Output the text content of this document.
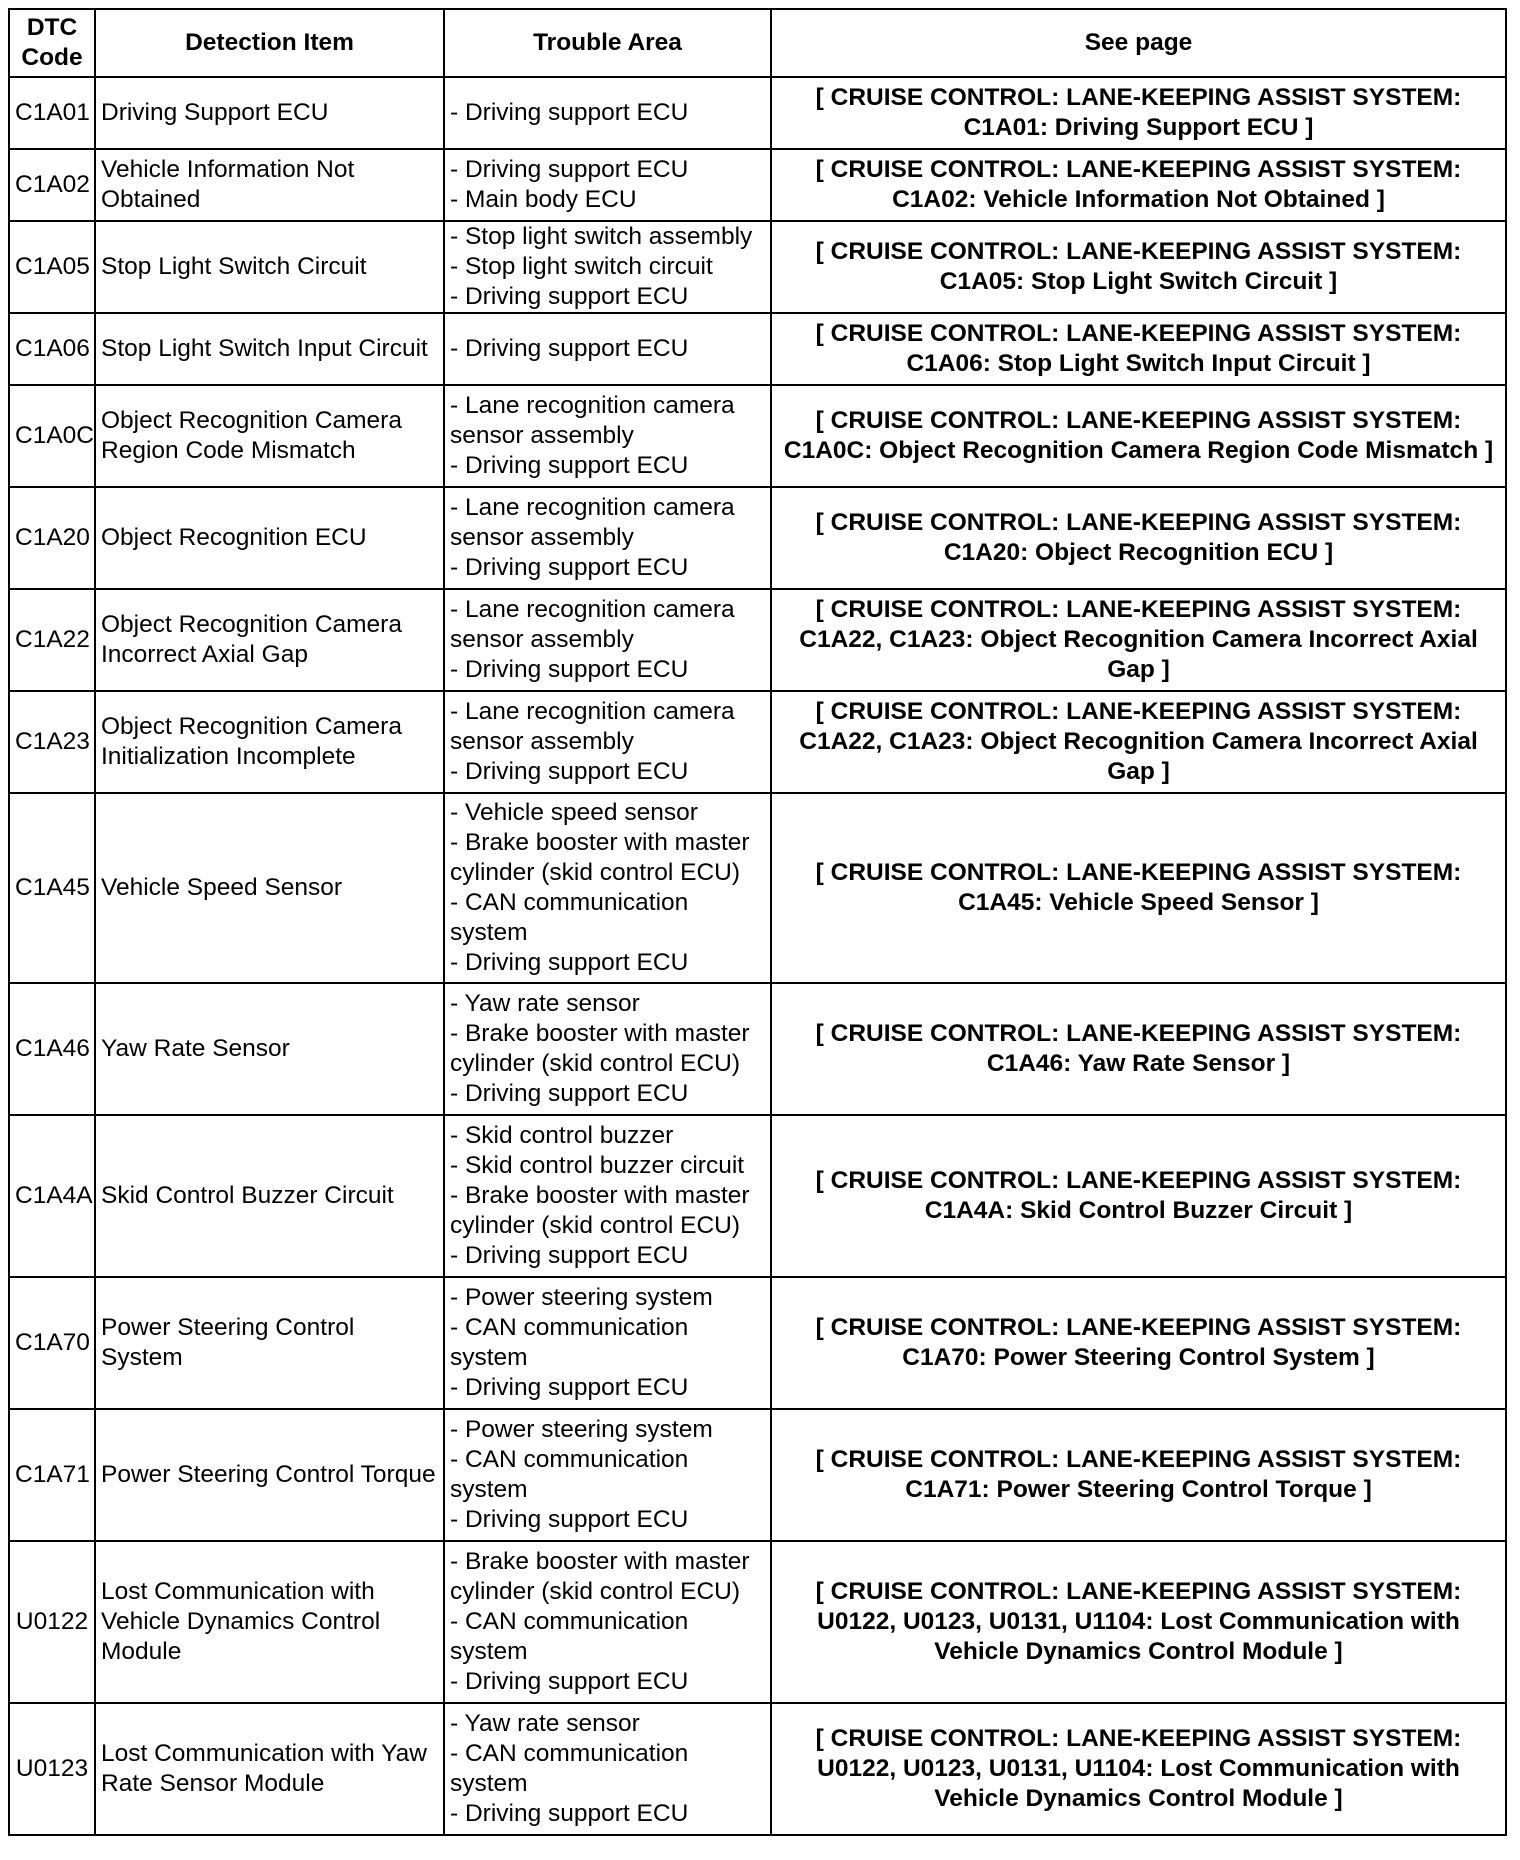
DTC Code	Detection Item	Trouble Area	See page
C1A01	Driving Support ECU	- Driving support ECU	[ CRUISE CONTROL: LANE-KEEPING ASSIST SYSTEM: C1A01: Driving Support ECU ]
C1A02	Vehicle Information Not Obtained	- Driving support ECU
- Main body ECU	[ CRUISE CONTROL: LANE-KEEPING ASSIST SYSTEM: C1A02: Vehicle Information Not Obtained ]
C1A05	Stop Light Switch Circuit	- Stop light switch assembly
- Stop light switch circuit
- Driving support ECU	[ CRUISE CONTROL: LANE-KEEPING ASSIST SYSTEM: C1A05: Stop Light Switch Circuit ]
C1A06	Stop Light Switch Input Circuit	- Driving support ECU	[ CRUISE CONTROL: LANE-KEEPING ASSIST SYSTEM: C1A06: Stop Light Switch Input Circuit ]
C1A0C	Object Recognition Camera Region Code Mismatch	- Lane recognition camera sensor assembly
- Driving support ECU	[ CRUISE CONTROL: LANE-KEEPING ASSIST SYSTEM: C1A0C: Object Recognition Camera Region Code Mismatch ]
C1A20	Object Recognition ECU	- Lane recognition camera sensor assembly
- Driving support ECU	[ CRUISE CONTROL: LANE-KEEPING ASSIST SYSTEM: C1A20: Object Recognition ECU ]
C1A22	Object Recognition Camera Incorrect Axial Gap	- Lane recognition camera sensor assembly
- Driving support ECU	[ CRUISE CONTROL: LANE-KEEPING ASSIST SYSTEM: C1A22, C1A23: Object Recognition Camera Incorrect Axial Gap ]
C1A23	Object Recognition Camera Initialization Incomplete	- Lane recognition camera sensor assembly
- Driving support ECU	[ CRUISE CONTROL: LANE-KEEPING ASSIST SYSTEM: C1A22, C1A23: Object Recognition Camera Incorrect Axial Gap ]
C1A45	Vehicle Speed Sensor	- Vehicle speed sensor
- Brake booster with master cylinder (skid control ECU)
- CAN communication system
- Driving support ECU	[ CRUISE CONTROL: LANE-KEEPING ASSIST SYSTEM: C1A45: Vehicle Speed Sensor ]
C1A46	Yaw Rate Sensor	- Yaw rate sensor
- Brake booster with master cylinder (skid control ECU)
- Driving support ECU	[ CRUISE CONTROL: LANE-KEEPING ASSIST SYSTEM: C1A46: Yaw Rate Sensor ]
C1A4A	Skid Control Buzzer Circuit	- Skid control buzzer
- Skid control buzzer circuit
- Brake booster with master cylinder (skid control ECU)
- Driving support ECU	[ CRUISE CONTROL: LANE-KEEPING ASSIST SYSTEM: C1A4A: Skid Control Buzzer Circuit ]
C1A70	Power Steering Control System	- Power steering system
- CAN communication system
- Driving support ECU	[ CRUISE CONTROL: LANE-KEEPING ASSIST SYSTEM: C1A70: Power Steering Control System ]
C1A71	Power Steering Control Torque	- Power steering system
- CAN communication system
- Driving support ECU	[ CRUISE CONTROL: LANE-KEEPING ASSIST SYSTEM: C1A71: Power Steering Control Torque ]
U0122	Lost Communication with Vehicle Dynamics Control Module	- Brake booster with master cylinder (skid control ECU)
- CAN communication system
- Driving support ECU	[ CRUISE CONTROL: LANE-KEEPING ASSIST SYSTEM: U0122, U0123, U0131, U1104: Lost Communication with Vehicle Dynamics Control Module ]
U0123	Lost Communication with Yaw Rate Sensor Module	- Yaw rate sensor
- CAN communication system
- Driving support ECU	[ CRUISE CONTROL: LANE-KEEPING ASSIST SYSTEM: U0122, U0123, U0131, U1104: Lost Communication with Vehicle Dynamics Control Module ]
